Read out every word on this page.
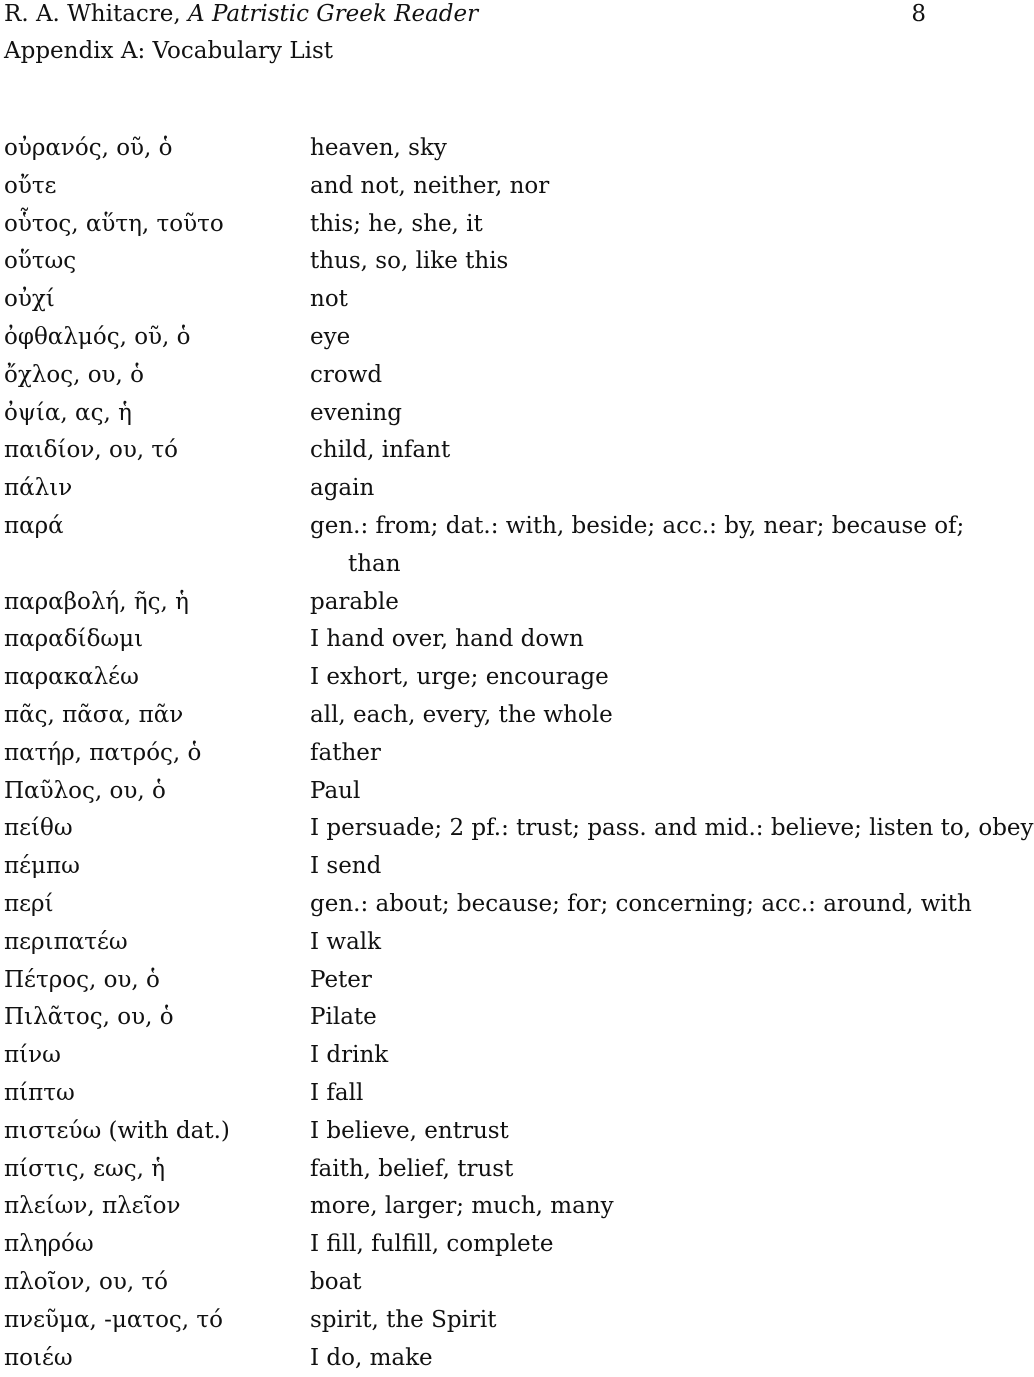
R. A. Whitacre, A Patristic Greek Reader	8
Appendix A: Vocabulary List
οὐρανός, οῦ, ὁ	heaven, sky
οὔτε	and not, neither, nor
οὗτος, αὕτη, τοῦτο	this; he, she, it
οὕτως	thus, so, like this
οὐχί	not
ὀφθαλμός, οῦ, ὁ	eye
ὄχλος, ου, ὁ	crowd
ὀψία, ας, ἡ	evening
παιδίον, ου, τό	child, infant
πάλιν	again
παρά	gen.: from; dat.: with, beside; acc.: by, near; because of;
than
παραβολή, ῆς, ἡ	parable
παραδίδωμι	I hand over, hand down
παρακαλέω	I exhort, urge; encourage
πᾶς, πᾶσα, πᾶν	all, each, every, the whole
πατήρ, πατρός, ὁ	father
Παῦλος, ου, ὁ	Paul
πείθω	I persuade; 2 pf.: trust; pass. and mid.: believe; listen to, obey
πέμπω	I send
περί	gen.: about; because; for; concerning; acc.: around, with
περιπατέω	I walk
Πέτρος, ου, ὁ	Peter
Πιλᾶτος, ου, ὁ	Pilate
πίνω	I drink
πίπτω	I fall
πιστεύω (with dat.)	I believe, entrust
πίστις, εως, ἡ	faith, belief, trust
πλείων, πλεῖον	more, larger; much, many
πληρόω	I fill, fulfill, complete
πλοῖον, ου, τό	boat
πνεῦμα, -ματος, τό	spirit, the Spirit
ποιέω	I do, make
